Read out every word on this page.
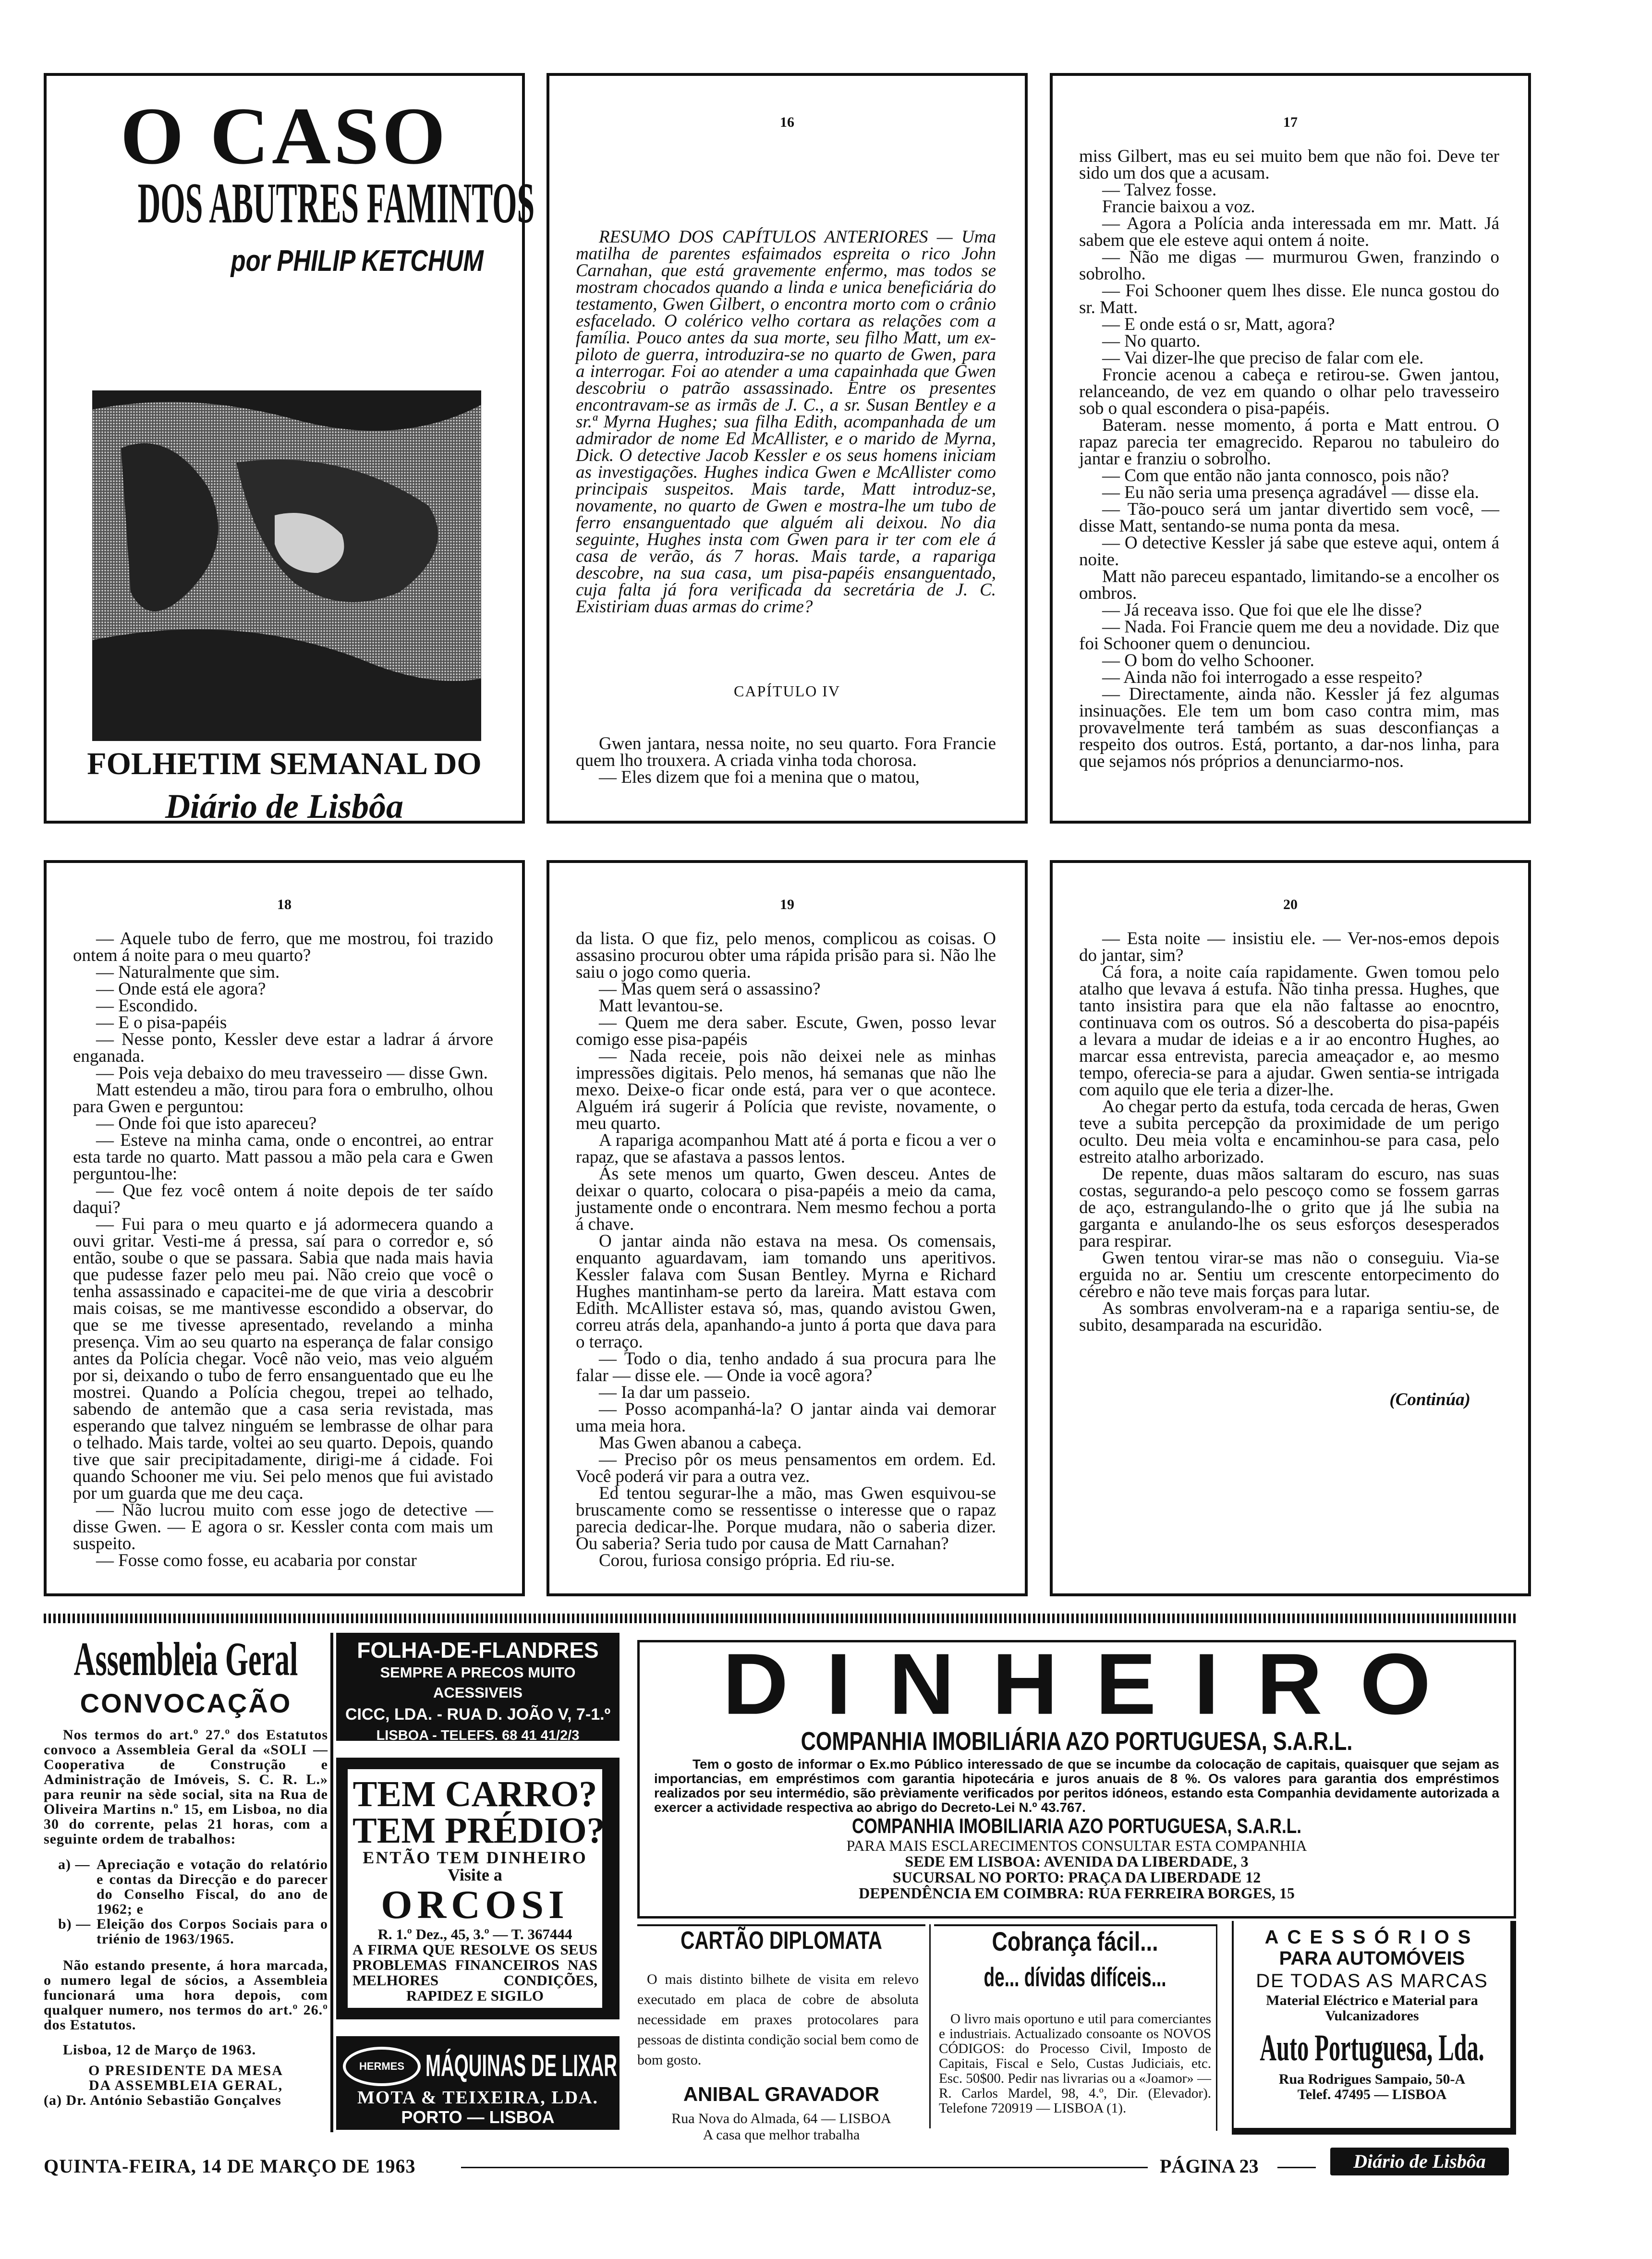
O CASO
DOS ABUTRES FAMINTOS
por PHILIP KETCHUM
FOLHETIM SEMANAL DO
Diário de Lisbôa
16
RESUMO DOS CAPÍTULOS ANTERIORES — Uma matilha de parentes esfaimados espreita o rico John Carnahan, que está gravemente enfermo, mas todos se mostram chocados quando a linda e unica beneficiária do testamento, Gwen Gilbert, o encontra morto com o crânio esfacelado. O colérico velho cortara as relações com a família. Pouco antes da sua morte, seu filho Matt, um ex-piloto de guerra, introduzira-se no quarto de Gwen, para a interrogar. Foi ao atender a uma capainhada que Gwen descobriu o patrão assassinado. Entre os presentes encontravam-se as irmãs de J. C., a sr. Susan Bentley e a sr.ª Myrna Hughes; sua filha Edith, acompanhada de um admirador de nome Ed McAllister, e o marido de Myrna, Dick. O detective Jacob Kessler e os seus homens iniciam as investigações. Hughes indica Gwen e McAllister como principais suspeitos. Mais tarde, Matt introduz-se, novamente, no quarto de Gwen e mostra-lhe um tubo de ferro ensanguentado que alguém ali deixou. No dia seguinte, Hughes insta com Gwen para ir ter com ele á casa de verão, ás 7 horas. Mais tarde, a rapariga descobre, na sua casa, um pisa-papéis ensanguentado, cuja falta já fora verificada da secretária de J. C. Existiriam duas armas do crime?
CAPÍTULO IV

Gwen jantara, nessa noite, no seu quarto. Fora Francie quem lho trouxera. A criada vinha toda chorosa.

— Eles dizem que foi a menina que o matou,

17

miss Gilbert, mas eu sei muito bem que não foi. Deve ter sido um dos que a acusam.

— Talvez fosse.

Francie baixou a voz.

— Agora a Polícia anda interessada em mr. Matt. Já sabem que ele esteve aqui ontem á noite.

— Não me digas — murmurou Gwen, franzindo o sobrolho.

— Foi Schooner quem lhes disse. Ele nunca gostou do sr. Matt.

— E onde está o sr, Matt, agora?

— No quarto.

— Vai dizer-lhe que preciso de falar com ele.

Froncie acenou a cabeça e retirou-se. Gwen jantou, relanceando, de vez em quando o olhar pelo travesseiro sob o qual escondera o pisa-papéis.

Bateram. nesse momento, á porta e Matt entrou. O rapaz parecia ter emagrecido. Reparou no tabuleiro do jantar e franziu o sobrolho.

— Com que então não janta connosco, pois não?

— Eu não seria uma presença agradável — disse ela.

— Tão-pouco será um jantar divertido sem você, — disse Matt, sentando-se numa ponta da mesa.

— O detective Kessler já sabe que esteve aqui, ontem á noite.

Matt não pareceu espantado, limitando-se a encolher os ombros.

— Já receava isso. Que foi que ele lhe disse?

— Nada. Foi Francie quem me deu a novidade. Diz que foi Schooner quem o denunciou.

— O bom do velho Schooner.

— Ainda não foi interrogado a esse respeito?

— Directamente, ainda não. Kessler já fez algumas insinuações. Ele tem um bom caso contra mim, mas provavelmente terá também as suas desconfianças a respeito dos outros. Está, portanto, a dar-nos linha, para que sejamos nós próprios a denunciarmo-nos.

18

— Aquele tubo de ferro, que me mostrou, foi trazido ontem á noite para o meu quarto?

— Naturalmente que sim.

— Onde está ele agora?

— Escondido.

— E o pisa-papéis

— Nesse ponto, Kessler deve estar a ladrar á árvore enganada.

— Pois veja debaixo do meu travesseiro — disse Gwn.

Matt estendeu a mão, tirou para fora o embrulho, olhou para Gwen e perguntou:

— Onde foi que isto apareceu?

— Esteve na minha cama, onde o encontrei, ao entrar esta tarde no quarto. Matt passou a mão pela cara e Gwen perguntou-lhe:

— Que fez você ontem á noite depois de ter saído daqui?

— Fui para o meu quarto e já adormecera quando a ouvi gritar. Vesti-me á pressa, saí para o corredor e, só então, soube o que se passara. Sabia que nada mais havia que pudesse fazer pelo meu pai. Não creio que você o tenha assassinado e capacitei-me de que viria a descobrir mais coisas, se me mantivesse escondido a observar, do que se me tivesse apresentado, revelando a minha presença. Vim ao seu quarto na esperança de falar consigo antes da Polícia chegar. Você não veio, mas veio alguém por si, deixando o tubo de ferro ensanguentado que eu lhe mostrei. Quando a Polícia chegou, trepei ao telhado, sabendo de antemão que a casa seria revistada, mas esperando que talvez ninguém se lembrasse de olhar para o telhado. Mais tarde, voltei ao seu quarto. Depois, quando tive que sair precipitadamente, dirigi-me á cidade. Foi quando Schooner me viu. Sei pelo menos que fui avistado por um guarda que me deu caça.

— Não lucrou muito com esse jogo de detective — disse Gwen. — E agora o sr. Kessler conta com mais um suspeito.

— Fosse como fosse, eu acabaria por constar

19

da lista. O que fiz, pelo menos, complicou as coisas. O assasino procurou obter uma rápida prisão para si. Não lhe saiu o jogo como queria.

— Mas quem será o assassino?

Matt levantou-se.

— Quem me dera saber. Escute, Gwen, posso levar comigo esse pisa-papéis

— Nada receie, pois não deixei nele as minhas impressões digitais. Pelo menos, há semanas que não lhe mexo. Deixe-o ficar onde está, para ver o que acontece. Alguém irá sugerir á Polícia que reviste, novamente, o meu quarto.

A rapariga acompanhou Matt até á porta e ficou a ver o rapaz, que se afastava a passos lentos.

Ás sete menos um quarto, Gwen desceu. Antes de deixar o quarto, colocara o pisa-papéis a meio da cama, justamente onde o encontrara. Nem mesmo fechou a porta á chave.

O jantar ainda não estava na mesa. Os comensais, enquanto aguardavam, iam tomando uns aperitivos. Kessler falava com Susan Bentley. Myrna e Richard Hughes mantinham-se perto da lareira. Matt estava com Edith. McAllister estava só, mas, quando avistou Gwen, correu atrás dela, apanhando-a junto á porta que dava para o terraço.

— Todo o dia, tenho andado á sua procura para lhe falar — disse ele. — Onde ia você agora?

— Ia dar um passeio.

— Posso acompanhá-la? O jantar ainda vai demorar uma meia hora.

Mas Gwen abanou a cabeça.

— Preciso pôr os meus pensamentos em ordem. Ed. Você poderá vir para a outra vez.

Ed tentou segurar-lhe a mão, mas Gwen esquivou-se bruscamente como se ressentisse o interesse que o rapaz parecia dedicar-lhe. Porque mudara, não o saberia dizer. Ou saberia? Seria tudo por causa de Matt Carnahan?

Corou, furiosa consigo própria. Ed riu-se.

20

— Esta noite — insistiu ele. — Ver-nos-emos depois do jantar, sim?

Cá fora, a noite caía rapidamente. Gwen tomou pelo atalho que levava á estufa. Não tinha pressa. Hughes, que tanto insistira para que ela não faltasse ao enocntro, continuava com os outros. Só a descoberta do pisa-papéis a levara a mudar de ideias e a ir ao encontro Hughes, ao marcar essa entrevista, parecia ameaçador e, ao mesmo tempo, oferecia-se para a ajudar. Gwen sentia-se intrigada com aquilo que ele teria a dizer-lhe.

Ao chegar perto da estufa, toda cercada de heras, Gwen teve a subita percepção da proximidade de um perigo oculto. Deu meia volta e encaminhou-se para casa, pelo estreito atalho arborizado.

De repente, duas mãos saltaram do escuro, nas suas costas, segurando-a pelo pescoço como se fossem garras de aço, estrangulando-lhe o grito que já lhe subia na garganta e anulando-lhe os seus esforços desesperados para respirar.

Gwen tentou virar-se mas não o conseguiu. Via-se erguida no ar. Sentiu um crescente entorpecimento do cérebro e não teve mais forças para lutar.

As sombras envolveram-na e a rapariga sentiu-se, de subito, desamparada na escuridão.

(Continúa)

Assembleia Geral
CONVOCAÇÃO
Nos termos do art.º 27.º dos Estatutos convoco a Assembleia Geral da «SOLI — Cooperativa de Construção e Administração de Imóveis, S. C. R. L.» para reunir na sède social, sita na Rua de Oliveira Martins n.º 15, em Lisboa, no dia 30 do corrente, pelas 21 horas, com a seguinte ordem de trabalhos:
a) — Apreciação e votação do relatório e contas da Direcção e do parecer do Conselho Fiscal, do ano de 1962; e
b) — Eleição dos Corpos Sociais para o triénio de 1963/1965.
Não estando presente, á hora marcada, o numero legal de sócios, a Assembleia funcionará uma hora depois, com qualquer numero, nos termos do art.º 26.º dos Estatutos.
Lisboa, 12 de Março de 1963.
O PRESIDENTE DA MESA
DA ASSEMBLEIA GERAL,
(a) Dr. António Sebastião Gonçalves
FOLHA-DE-FLANDRES
SEMPRE A PRECOS MUITO ACESSIVEIS
CICC, LDA. - RUA D. JOÃO V, 7-1.º
LISBOA - TELEFS. 68 41 41/2/3
TEM CARRO?
TEM PRÉDIO?
ENTÃO TEM DINHEIRO
Visite a
ORCOSI
R. 1.º Dez., 45, 3.º — T. 367444
A FIRMA QUE RESOLVE OS SEUS PROBLEMAS FINANCEIROS NAS MELHORES CONDIÇÕES, RAPIDEZ E SIGILO
HERMES MÁQUINAS DE LIXAR
MOTA & TEIXEIRA, LDA.
PORTO — LISBOA
DINHEIRO
COMPANHIA IMOBILIÁRIA AZO PORTUGUESA, S.A.R.L.
Tem o gosto de informar o Ex.mo Público interessado de que se incumbe da colocação de capitais, quaisquer que sejam as importancias, em empréstimos com garantia hipotecária e juros anuais de 8 %. Os valores para garantia dos empréstimos realizados por seu intermédio, são prèviamente verificados por peritos idóneos, estando esta Companhia devidamente autorizada a exercer a actividade respectiva ao abrigo do Decreto-Lei N.º 43.767.
COMPANHIA IMOBILIARIA AZO PORTUGUESA, S.A.R.L.
PARA MAIS ESCLARECIMENTOS CONSULTAR ESTA COMPANHIA
SEDE EM LISBOA: AVENIDA DA LIBERDADE, 3
SUCURSAL NO PORTO: PRAÇA DA LIBERDADE 12
DEPENDÊNCIA EM COIMBRA: RUA FERREIRA BORGES, 15
CARTÃO DIPLOMATA
O mais distinto bilhete de visita em relevo executado em placa de cobre de absoluta necessidade em praxes protocolares para pessoas de distinta condição social bem como de bom gosto.
ANIBAL GRAVADOR
Rua Nova do Almada, 64 — LISBOA
A casa que melhor trabalha
Cobrança fácil...
de... dívidas difíceis...
O livro mais oportuno e util para comerciantes e industriais. Actualizado consoante os NOVOS CÓDIGOS: do Processo Civil, Imposto de Capitais, Fiscal e Selo, Custas Judiciais, etc. Esc. 50$00. Pedir nas livrarias ou a «Joamor» — R. Carlos Mardel, 98, 4.º, Dir. (Elevador). Telefone 720919 — LISBOA (1).
ACESSÓRIOS
PARA AUTOMÓVEIS
DE TODAS AS MARCAS
Material Eléctrico e Material para Vulcanizadores
Auto Portuguesa, Lda.
Rua Rodrigues Sampaio, 50-A
Telef. 47495 — LISBOA
QUINTA-FEIRA, 14 DE MARÇO DE 1963	PÁGINA 23	Diário de Lisbôa
